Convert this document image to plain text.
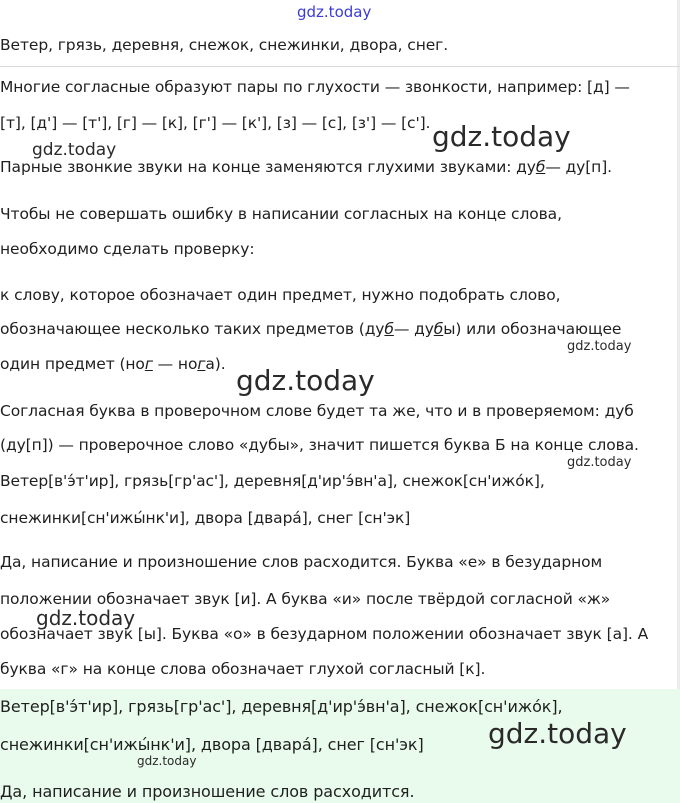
gdz.today
Ветер, грязь, деревня, снежок, снежинки, двора, снег.
Многие согласные образуют пары по глухости — звонкости, например: [д] —
[т], [д'] — [т'], [г] — [к], [г'] — [к'], [з] — [с], [з'] — [с'].
Парные звонкие звуки на конце заменяются глухими звуками: дуб— ду[п].
Чтобы не совершать ошибку в написании согласных на конце слова,
необходимо сделать проверку:
к слову, которое обозначает один предмет, нужно подобрать слово,
обозначающее несколько таких предметов (дуб— дубы) или обозначающее
один предмет (ног — нога).
Согласная буква в проверочном слове будет та же, что и в проверяемом: дуб
(ду[п]) — проверочное слово «дубы», значит пишется буква Б на конце слова.
Ветер[в'э́т'ир], грязь[гр'ас'], деревня[д'ир'э́вн'а], снежок[сн'ижо́к],
снежинки[сн'ижы́нк'и], двора [двара́], снег [сн'эк]
Да, написание и произношение слов расходится. Буква «е» в безударном
положении обозначает звук [и]. А буква «и» после твёрдой согласной «ж»
обозначает звук [ы]. Буква «о» в безударном положении обозначает звук [а]. А
буква «г» на конце слова обозначает глухой согласный [к].
Ветер[в'э́т'ир], грязь[гр'ас'], деревня[д'ир'э́вн'а], снежок[сн'ижо́к],
снежинки[сн'ижы́нк'и], двора [двара́], снег [сн'эк]
Да, написание и произношение слов расходится.
gdz.today
gdz.today
gdz.today
gdz.today
gdz.today
gdz.today
gdz.today
gdz.today
